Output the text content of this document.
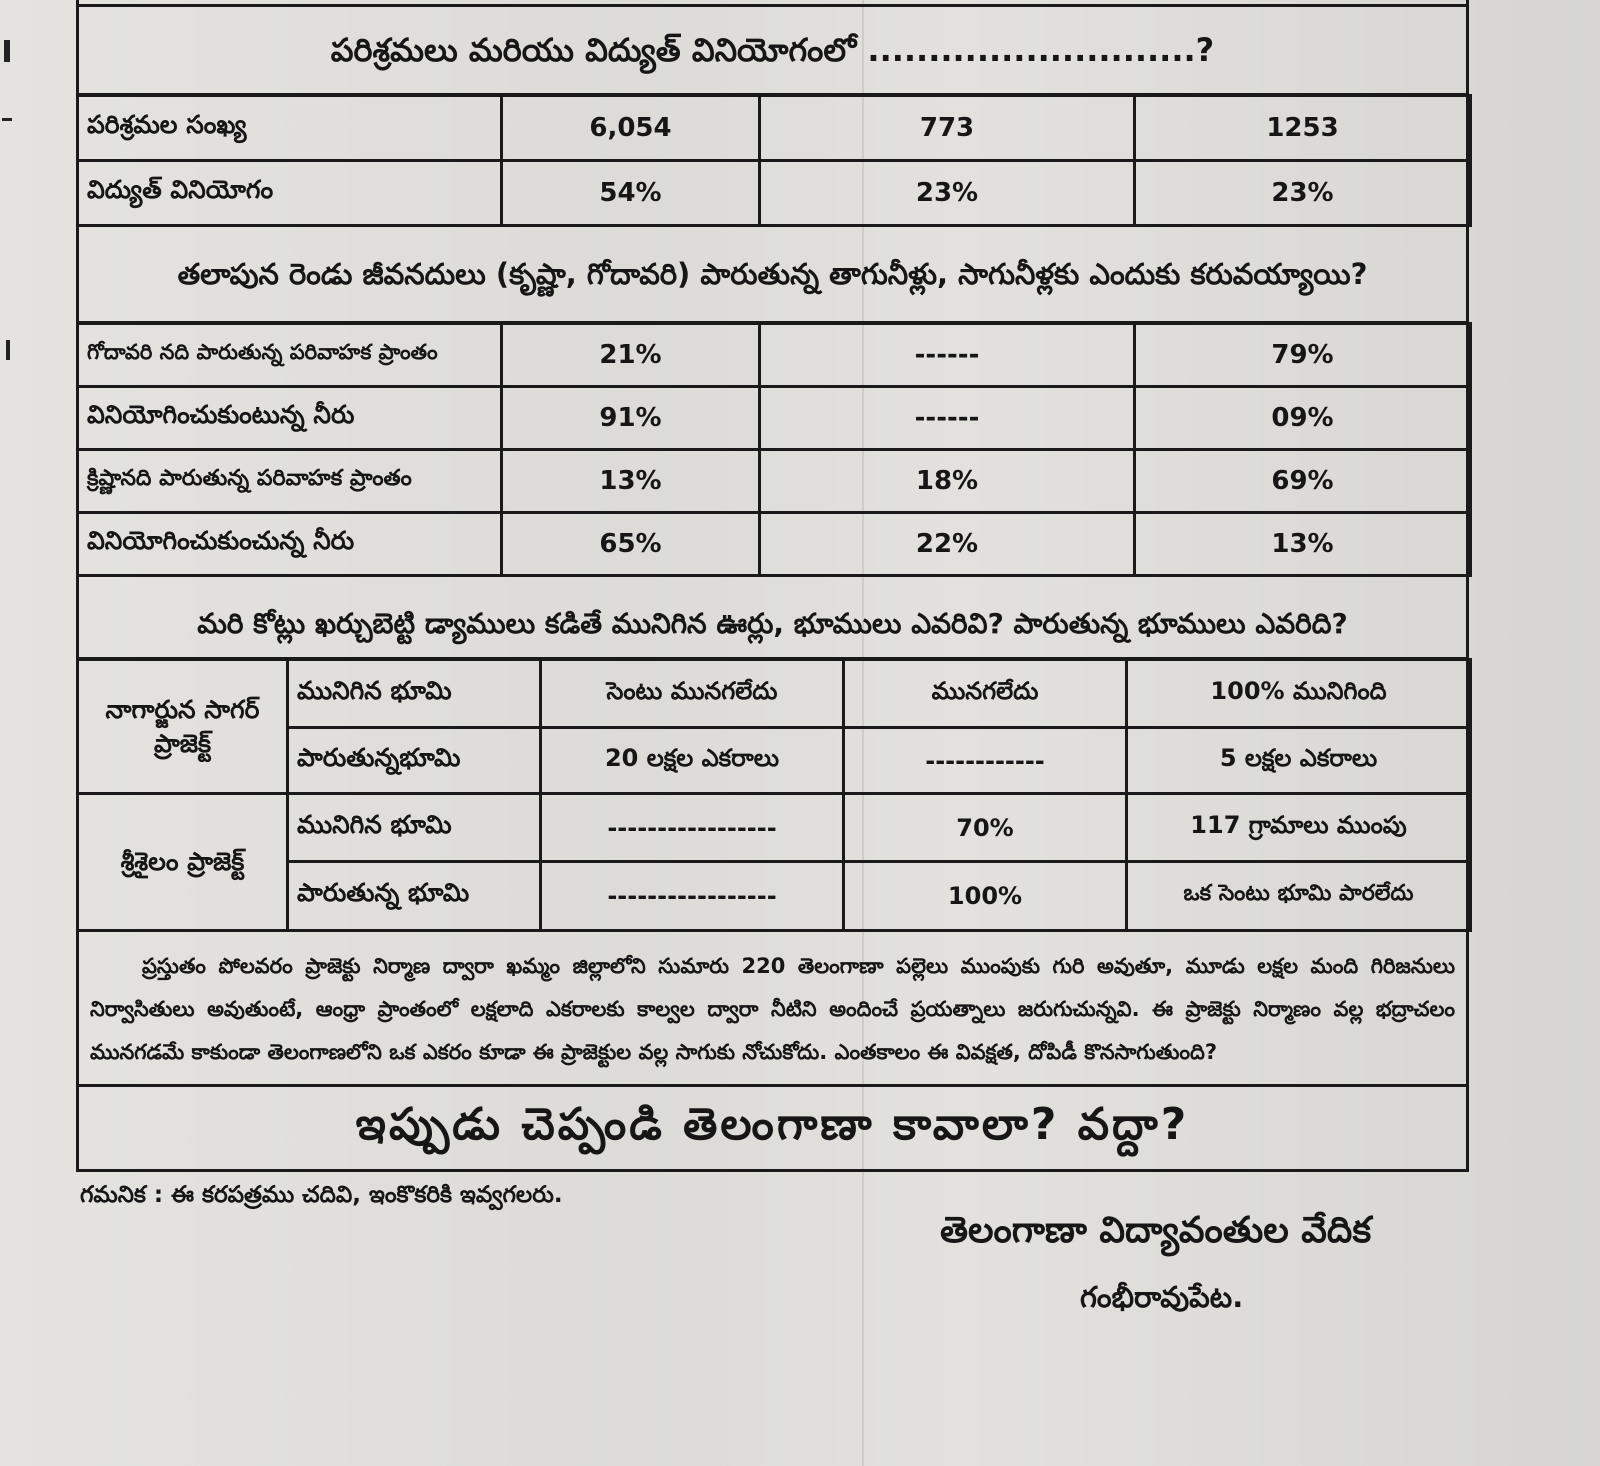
పరిశ్రమలు మరియు విద్యుత్ వినియోగంలో ...........................?
పరిశ్రమల సంఖ్య	6,054	773	1253
విద్యుత్ వినియోగం	54%	23%	23%
తలాపున రెండు జీవనదులు (కృష్ణా, గోదావరి) పారుతున్న తాగునీళ్లు, సాగునీళ్లకు ఎందుకు కరువయ్యాయి?
గోదావరి నది పారుతున్న పరివాహక ప్రాంతం	21%	------	79%
వినియోగించుకుంటున్న నీరు	91%	------	09%
క్రిష్ణానది పారుతున్న పరివాహక ప్రాంతం	13%	18%	69%
వినియోగించుకుంచున్న నీరు	65%	22%	13%
మరి కోట్లు ఖర్చుబెట్టి డ్యాములు కడితే మునిగిన ఊర్లు, భూములు ఎవరివి? పారుతున్న భూములు ఎవరిది?
నాగార్జున సాగర్ ప్రాజెక్ట్	మునిగిన భూమి	సెంటు మునగలేదు	మునగలేదు	100% మునిగింది
	పారుతున్నభూమి	20 లక్షల ఎకరాలు	------------	5 లక్షల ఎకరాలు
శ్రీశైలం ప్రాజెక్ట్	మునిగిన భూమి	-----------------	70%	117 గ్రామాలు ముంపు
	పారుతున్న భూమి	-----------------	100%	ఒక సెంటు భూమి పారలేదు
ప్రస్తుతం పోలవరం ప్రాజెక్టు నిర్మాణ ద్వారా ఖమ్మం జిల్లాలోని సుమారు 220 తెలంగాణా పల్లెలు ముంపుకు గురి అవుతూ, మూడు లక్షల మంది గిరిజనులు నిర్వాసితులు అవుతుంటే, ఆంధ్రా ప్రాంతంలో లక్షలాది ఎకరాలకు కాల్వల ద్వారా నీటిని అందించే ప్రయత్నాలు జరుగుచున్నవి. ఈ ప్రాజెక్టు నిర్మాణం వల్ల భద్రాచలం మునగడమే కాకుండా తెలంగాణలోని ఒక ఎకరం కూడా ఈ ప్రాజెక్టుల వల్ల సాగుకు నోచుకోదు. ఎంతకాలం ఈ వివక్షత, దోపిడీ కొనసాగుతుంది?
ఇప్పుడు చెప్పండి తెలంగాణా కావాలా? వద్దా?
గమనిక : ఈ కరపత్రము చదివి, ఇంకొకరికి ఇవ్వగలరు.
తెలంగాణా విద్యావంతుల వేదిక
గంభీరావుపేట.
